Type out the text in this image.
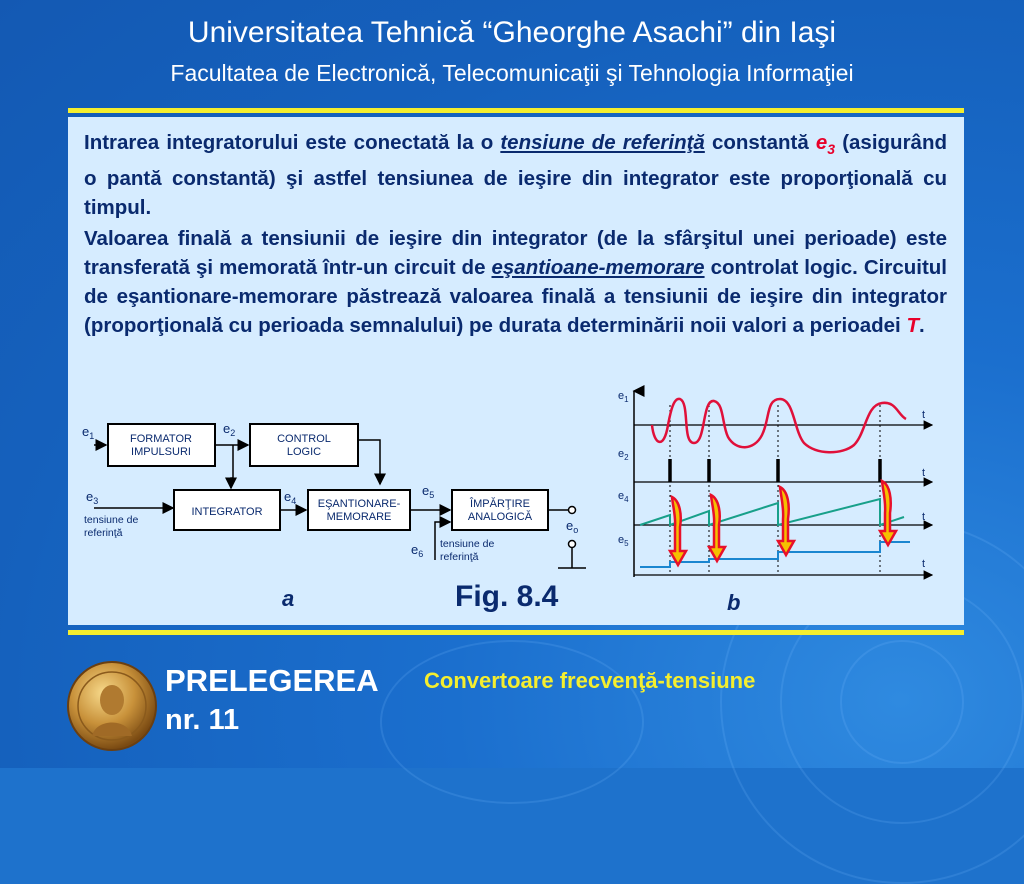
Universitatea Tehnică “Gheorghe Asachi” din Iaşi
Facultatea de Electronică, Telecomunicaţii şi Tehnologia Informaţiei

Intrarea integratorului este conectată la o tensiune de referinţă constantă $e_3$ (asigurând o pantă constantă) şi astfel tensiunea de ieşire din integrator este proporţională cu timpul.

Valoarea finală a tensiunii de ieşire din integrator (de la sfârşitul unei perioade) este transferată şi memorată într-un circuit de eşantioane-memorare controlat logic. Circuitul de eşantionare-memorare păstrează valoarea finală a tensiunii de ieşire din integrator (proporţională cu perioada semnalului) pe durata determinării noii valori a perioadei T.

FORMATOR
IMPULSURI
CONTROL
LOGIC
INTEGRATOR
EŞANTIONARE-
MEMORARE
ÎMPĂRŢIRE
ANALOGICĂ
$e_1$	$e_2$
$e_3$	$e_4$
$e_5$
$e_6$
$e_o$
tensiune de
referinţă
tensiune de
referinţă
$e_1$
$e_2$
$e_4$
$e_5$
t
t
t
t
a	Fig. 8.4	b
PRELEGEREA
nr. 11
Convertoare frecvenţă-tensiune
